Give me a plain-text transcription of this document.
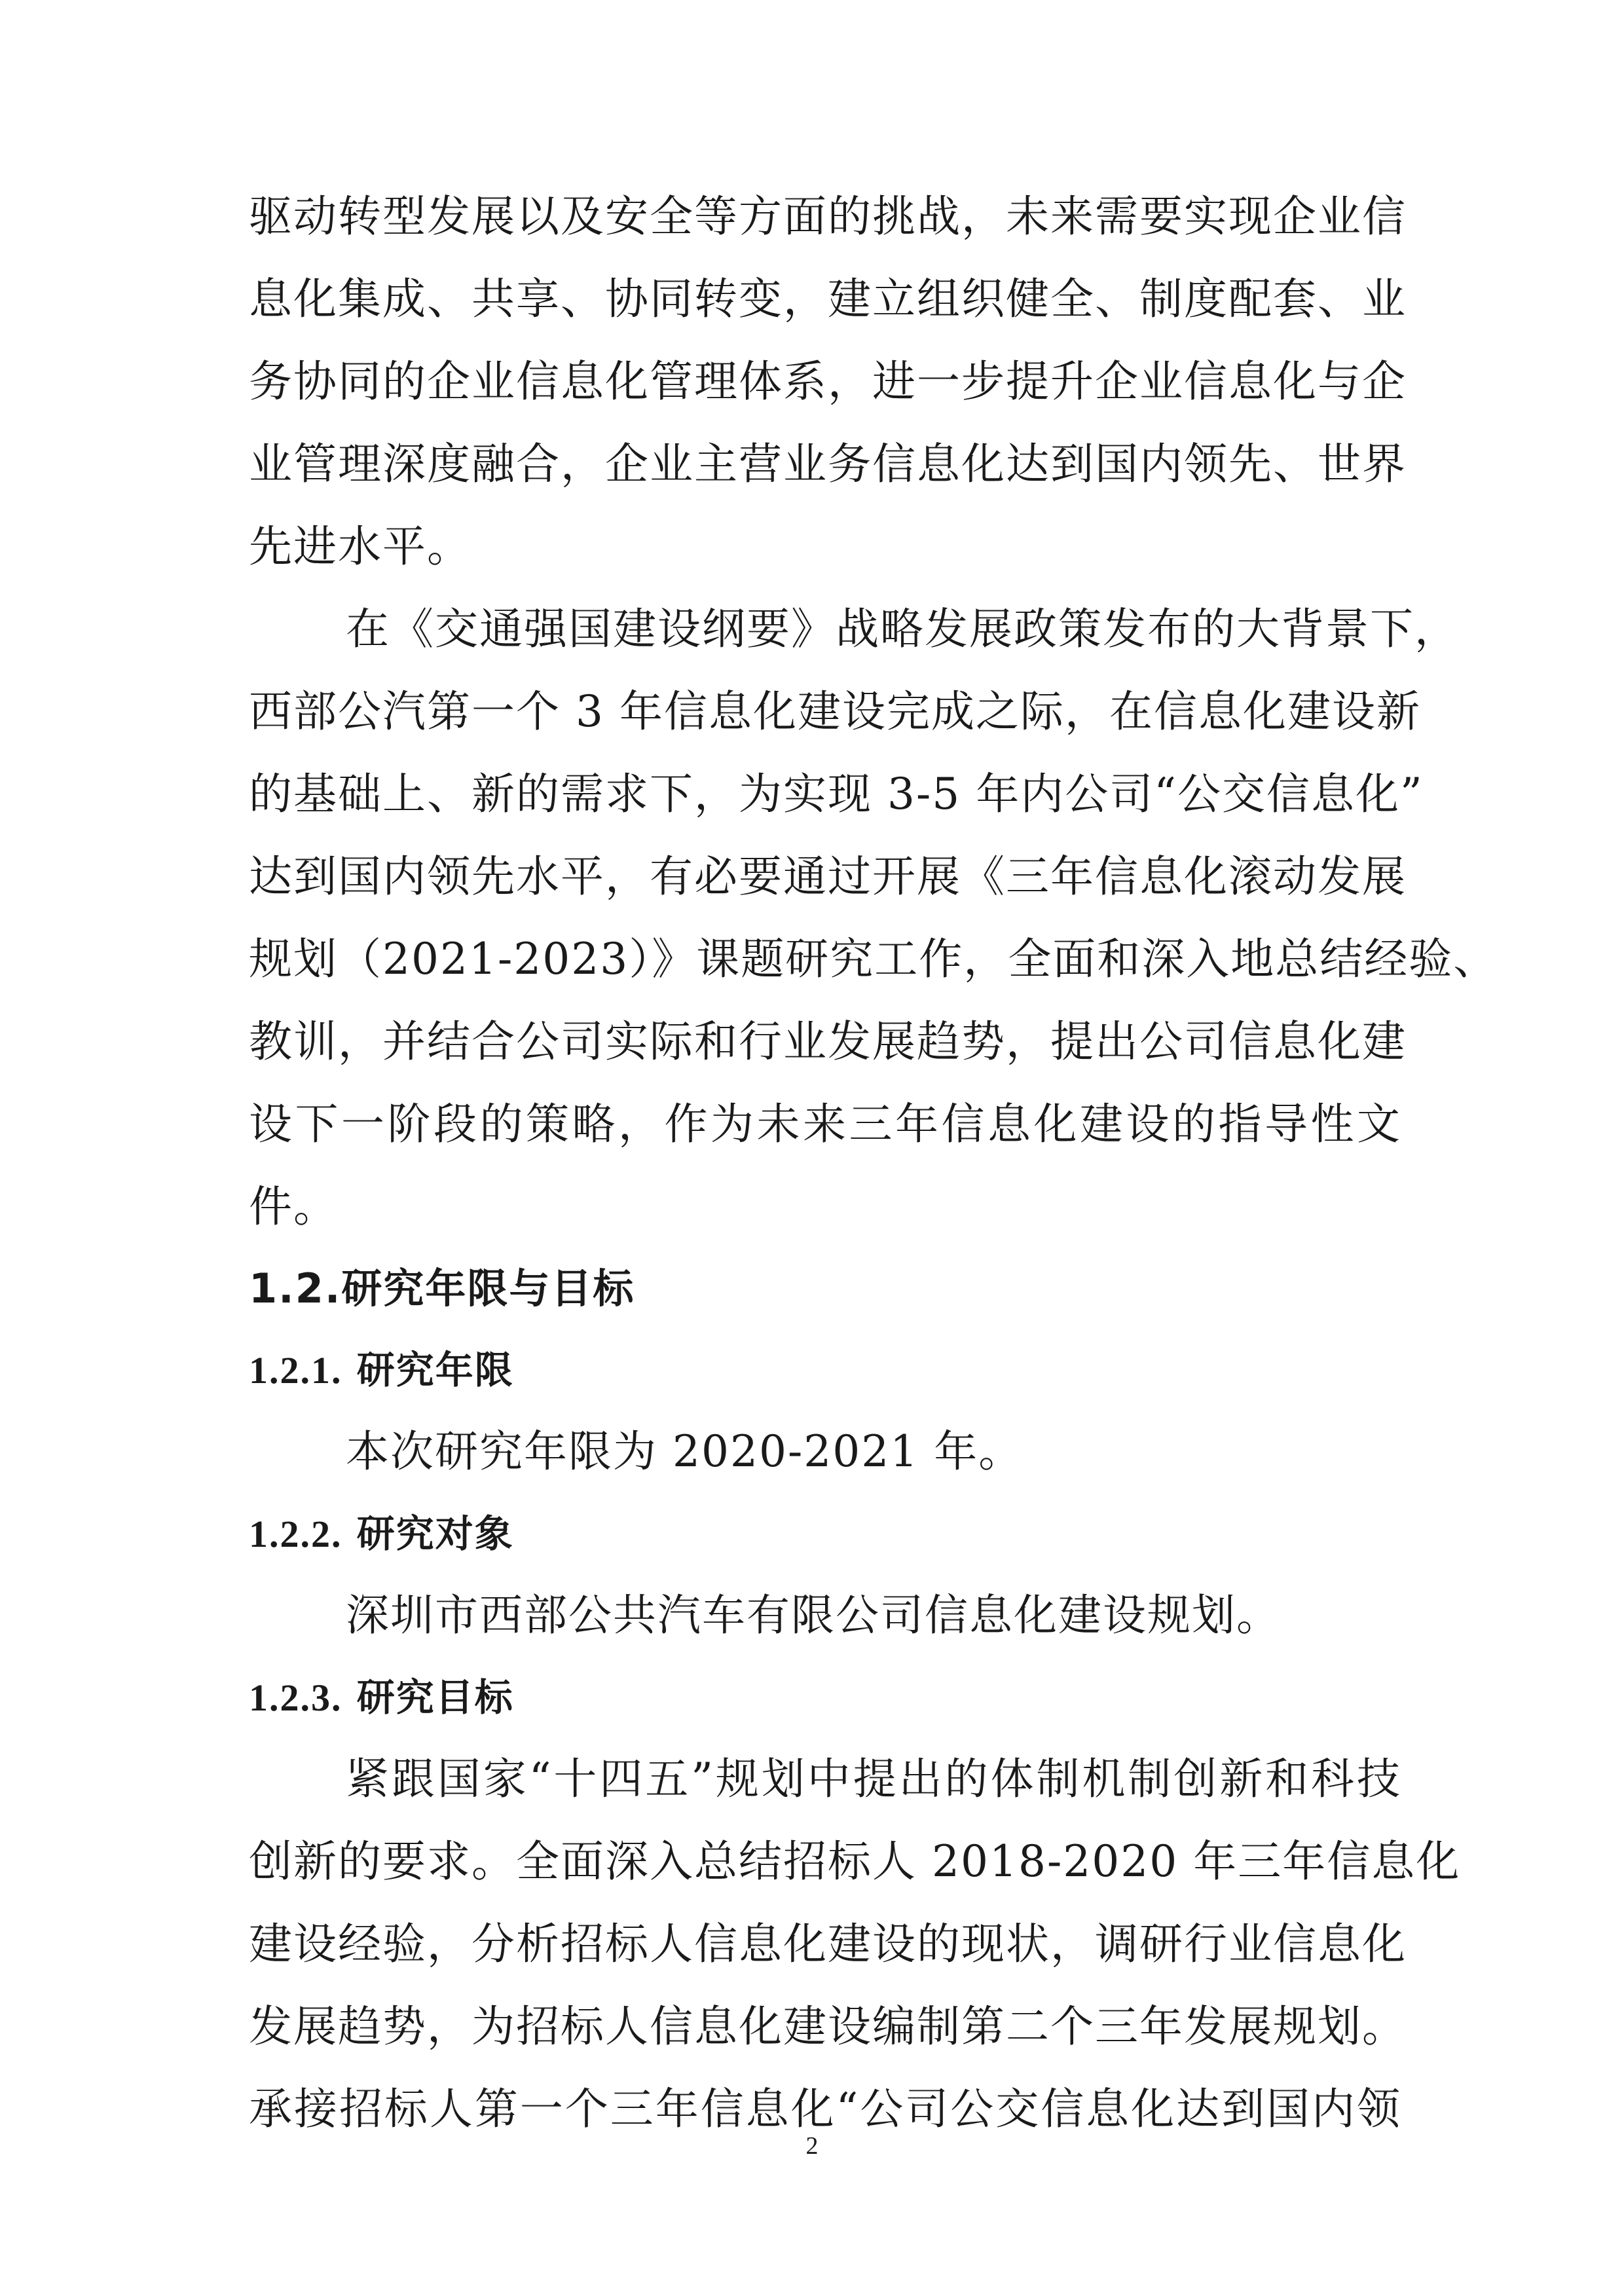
驱动转型发展以及安全等方面的挑战，未来需要实现企业信
息化集成、共享、协同转变，建立组织健全、制度配套、业
务协同的企业信息化管理体系，进一步提升企业信息化与企
业管理深度融合，企业主营业务信息化达到国内领先、世界
先进水平。
在《交通强国建设纲要》战略发展政策发布的大背景下，
西部公汽第一个 3 年信息化建设完成之际，在信息化建设新
的基础上、新的需求下，为实现 3-5 年内公司“公交信息化”
达到国内领先水平，有必要通过开展《三年信息化滚动发展
规划（2021-2023）》课题研究工作，全面和深入地总结经验、
教训，并结合公司实际和行业发展趋势，提出公司信息化建
设下一阶段的策略，作为未来三年信息化建设的指导性文
件。
1.2.研究年限与目标
1.2.1. 研究年限
本次研究年限为 2020-2021 年。
1.2.2. 研究对象
深圳市西部公共汽车有限公司信息化建设规划。
1.2.3. 研究目标
紧跟国家“十四五”规划中提出的体制机制创新和科技
创新的要求。全面深入总结招标人 2018-2020 年三年信息化
建设经验，分析招标人信息化建设的现状，调研行业信息化
发展趋势，为招标人信息化建设编制第二个三年发展规划。
承接招标人第一个三年信息化“公司公交信息化达到国内领
2
